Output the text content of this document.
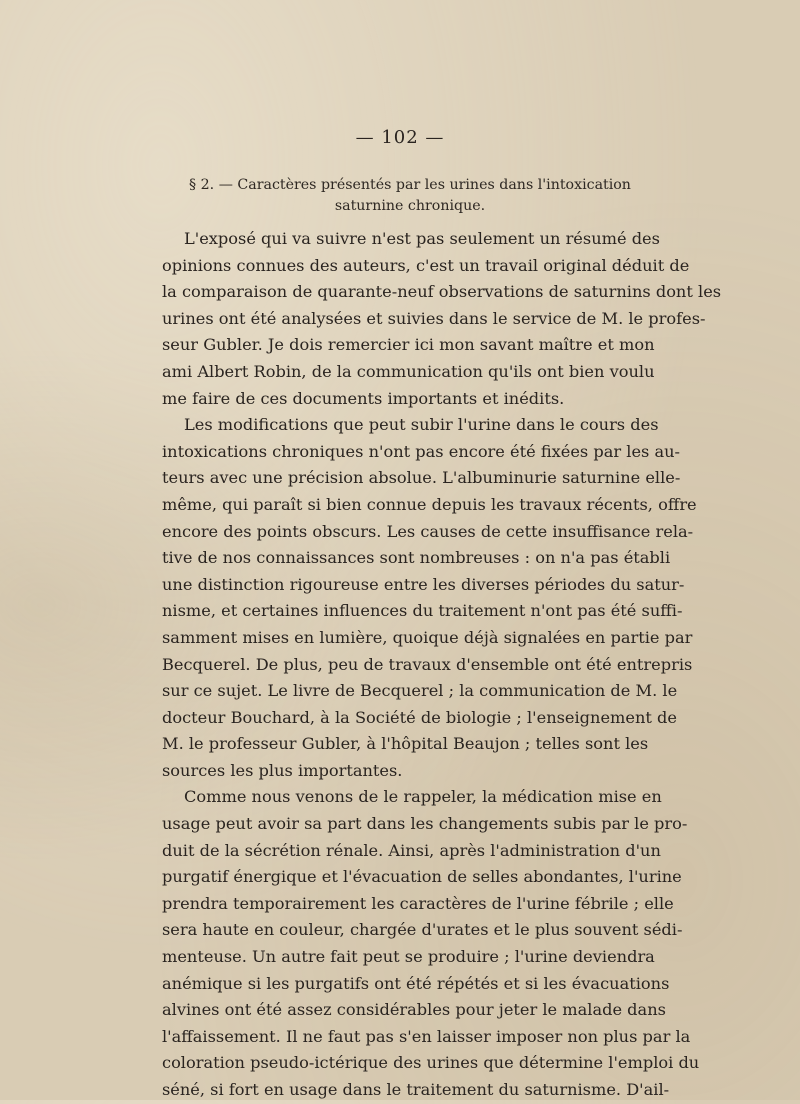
— 102 —
§ 2. — Caractères présentés par les urines dans l'intoxication
saturnine chronique.
L'exposé qui va suivre n'est pas seulement un résumé des
opinions connues des auteurs, c'est un travail original déduit de
la comparaison de quarante-neuf observations de saturnins dont les
urines ont été analysées et suivies dans le service de M. le profes-
seur Gubler. Je dois remercier ici mon savant maître et mon
ami Albert Robin, de la communication qu'ils ont bien voulu
me faire de ces documents importants et inédits.
Les modifications que peut subir l'urine dans le cours des
intoxications chroniques n'ont pas encore été fixées par les au-
teurs avec une précision absolue. L'albuminurie saturnine elle-
même, qui paraît si bien connue depuis les travaux récents, offre
encore des points obscurs. Les causes de cette insuffisance rela-
tive de nos connaissances sont nombreuses : on n'a pas établi
une distinction rigoureuse entre les diverses périodes du satur-
nisme, et certaines influences du traitement n'ont pas été suffi-
samment mises en lumière, quoique déjà signalées en partie par
Becquerel. De plus, peu de travaux d'ensemble ont été entrepris
sur ce sujet. Le livre de Becquerel ; la communication de M. le
docteur Bouchard, à la Société de biologie ; l'enseignement de
M. le professeur Gubler, à l'hôpital Beaujon ; telles sont les
sources les plus importantes.
Comme nous venons de le rappeler, la médication mise en
usage peut avoir sa part dans les changements subis par le pro-
duit de la sécrétion rénale. Ainsi, après l'administration d'un
purgatif énergique et l'évacuation de selles abondantes, l'urine
prendra temporairement les caractères de l'urine fébrile ; elle
sera haute en couleur, chargée d'urates et le plus souvent sédi-
menteuse. Un autre fait peut se produire ; l'urine deviendra
anémique si les purgatifs ont été répétés et si les évacuations
alvines ont été assez considérables pour jeter le malade dans
l'affaissement. Il ne faut pas s'en laisser imposer non plus par la
coloration pseudo-ictérique des urines que détermine l'emploi du
séné, si fort en usage dans le traitement du saturnisme. D'ail-
